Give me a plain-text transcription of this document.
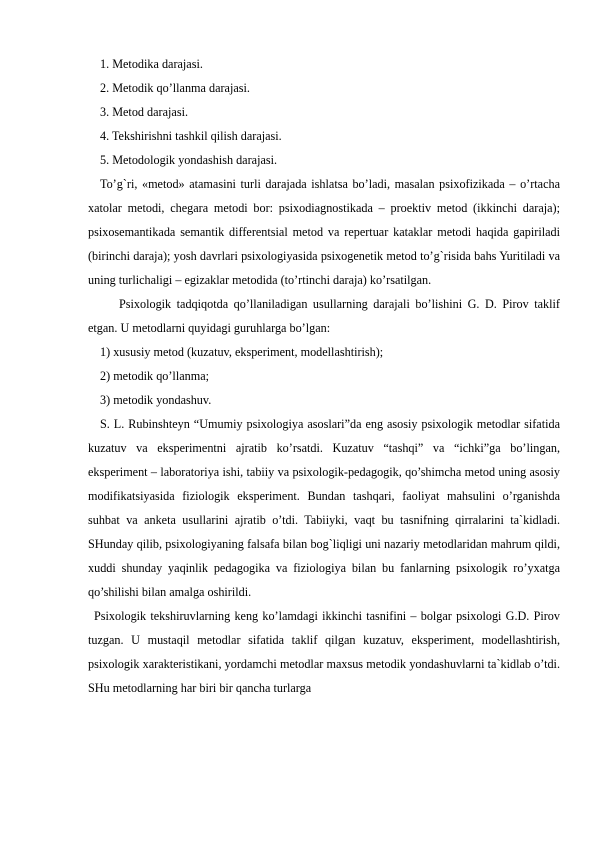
1. Metodika darajasi.
2. Metodik qo’llanma darajasi.
3. Metod darajasi.
4. Tekshirishni tashkil qilish darajasi.
5. Metodologik yondashish darajasi.

To’g`ri, «metod» atamasini turli darajada ishlatsa bo’ladi, masalan psixofizikada – o’rtacha xatolar metodi, chegara metodi bor: psixodiagnostikada – proektiv metod (ikkinchi daraja); psixosemantikada semantik differentsial metod va repertuar kataklar metodi haqida gapiriladi (birinchi daraja); yosh davrlari psixologiyasida psixogenetik metod to’g`risida bahs Yuritiladi va uning turlichaligi – egizaklar metodida (to’rtinchi daraja) ko’rsatilgan.

Psixologik tadqiqotda qo’llaniladigan usullarning darajali bo’lishini G. D. Pirov taklif etgan. U metodlarni quyidagi guruhlarga bo’lgan:

1) xususiy metod (kuzatuv, eksperiment, modellashtirish);
2) metodik qo’llanma;
3) metodik yondashuv.

S. L. Rubinshteyn “Umumiy psixologiya asoslari”da eng asosiy psixologik metodlar sifatida kuzatuv va eksperimentni ajratib ko’rsatdi. Kuzatuv “tashqi” va “ichki”ga bo’lingan, eksperiment – laboratoriya ishi, tabiiy va psixologik-pedagogik, qo’shimcha metod uning asosiy modifikatsiyasida fiziologik eksperiment. Bundan tashqari, faoliyat mahsulini o’rganishda suhbat va anketa usullarini ajratib o’tdi. Tabiiyki, vaqt bu tasnifning qirralarini ta`kidladi. SHunday qilib, psixologiyaning falsafa bilan bog`liqligi uni nazariy metodlaridan mahrum qildi, xuddi shunday yaqinlik pedagogika va fiziologiya bilan bu fanlarning psixologik ro’yxatga qo’shilishi bilan amalga oshirildi.

Psixologik tekshiruvlarning keng ko’lamdagi ikkinchi tasnifini – bolgar psixologi G.D. Pirov tuzgan. U mustaqil metodlar sifatida taklif qilgan kuzatuv, eksperiment, modellashtirish, psixologik xarakteristikani, yordamchi metodlar maxsus metodik yondashuvlarni ta`kidlab o’tdi. SHu metodlarning har biri bir qancha turlarga
